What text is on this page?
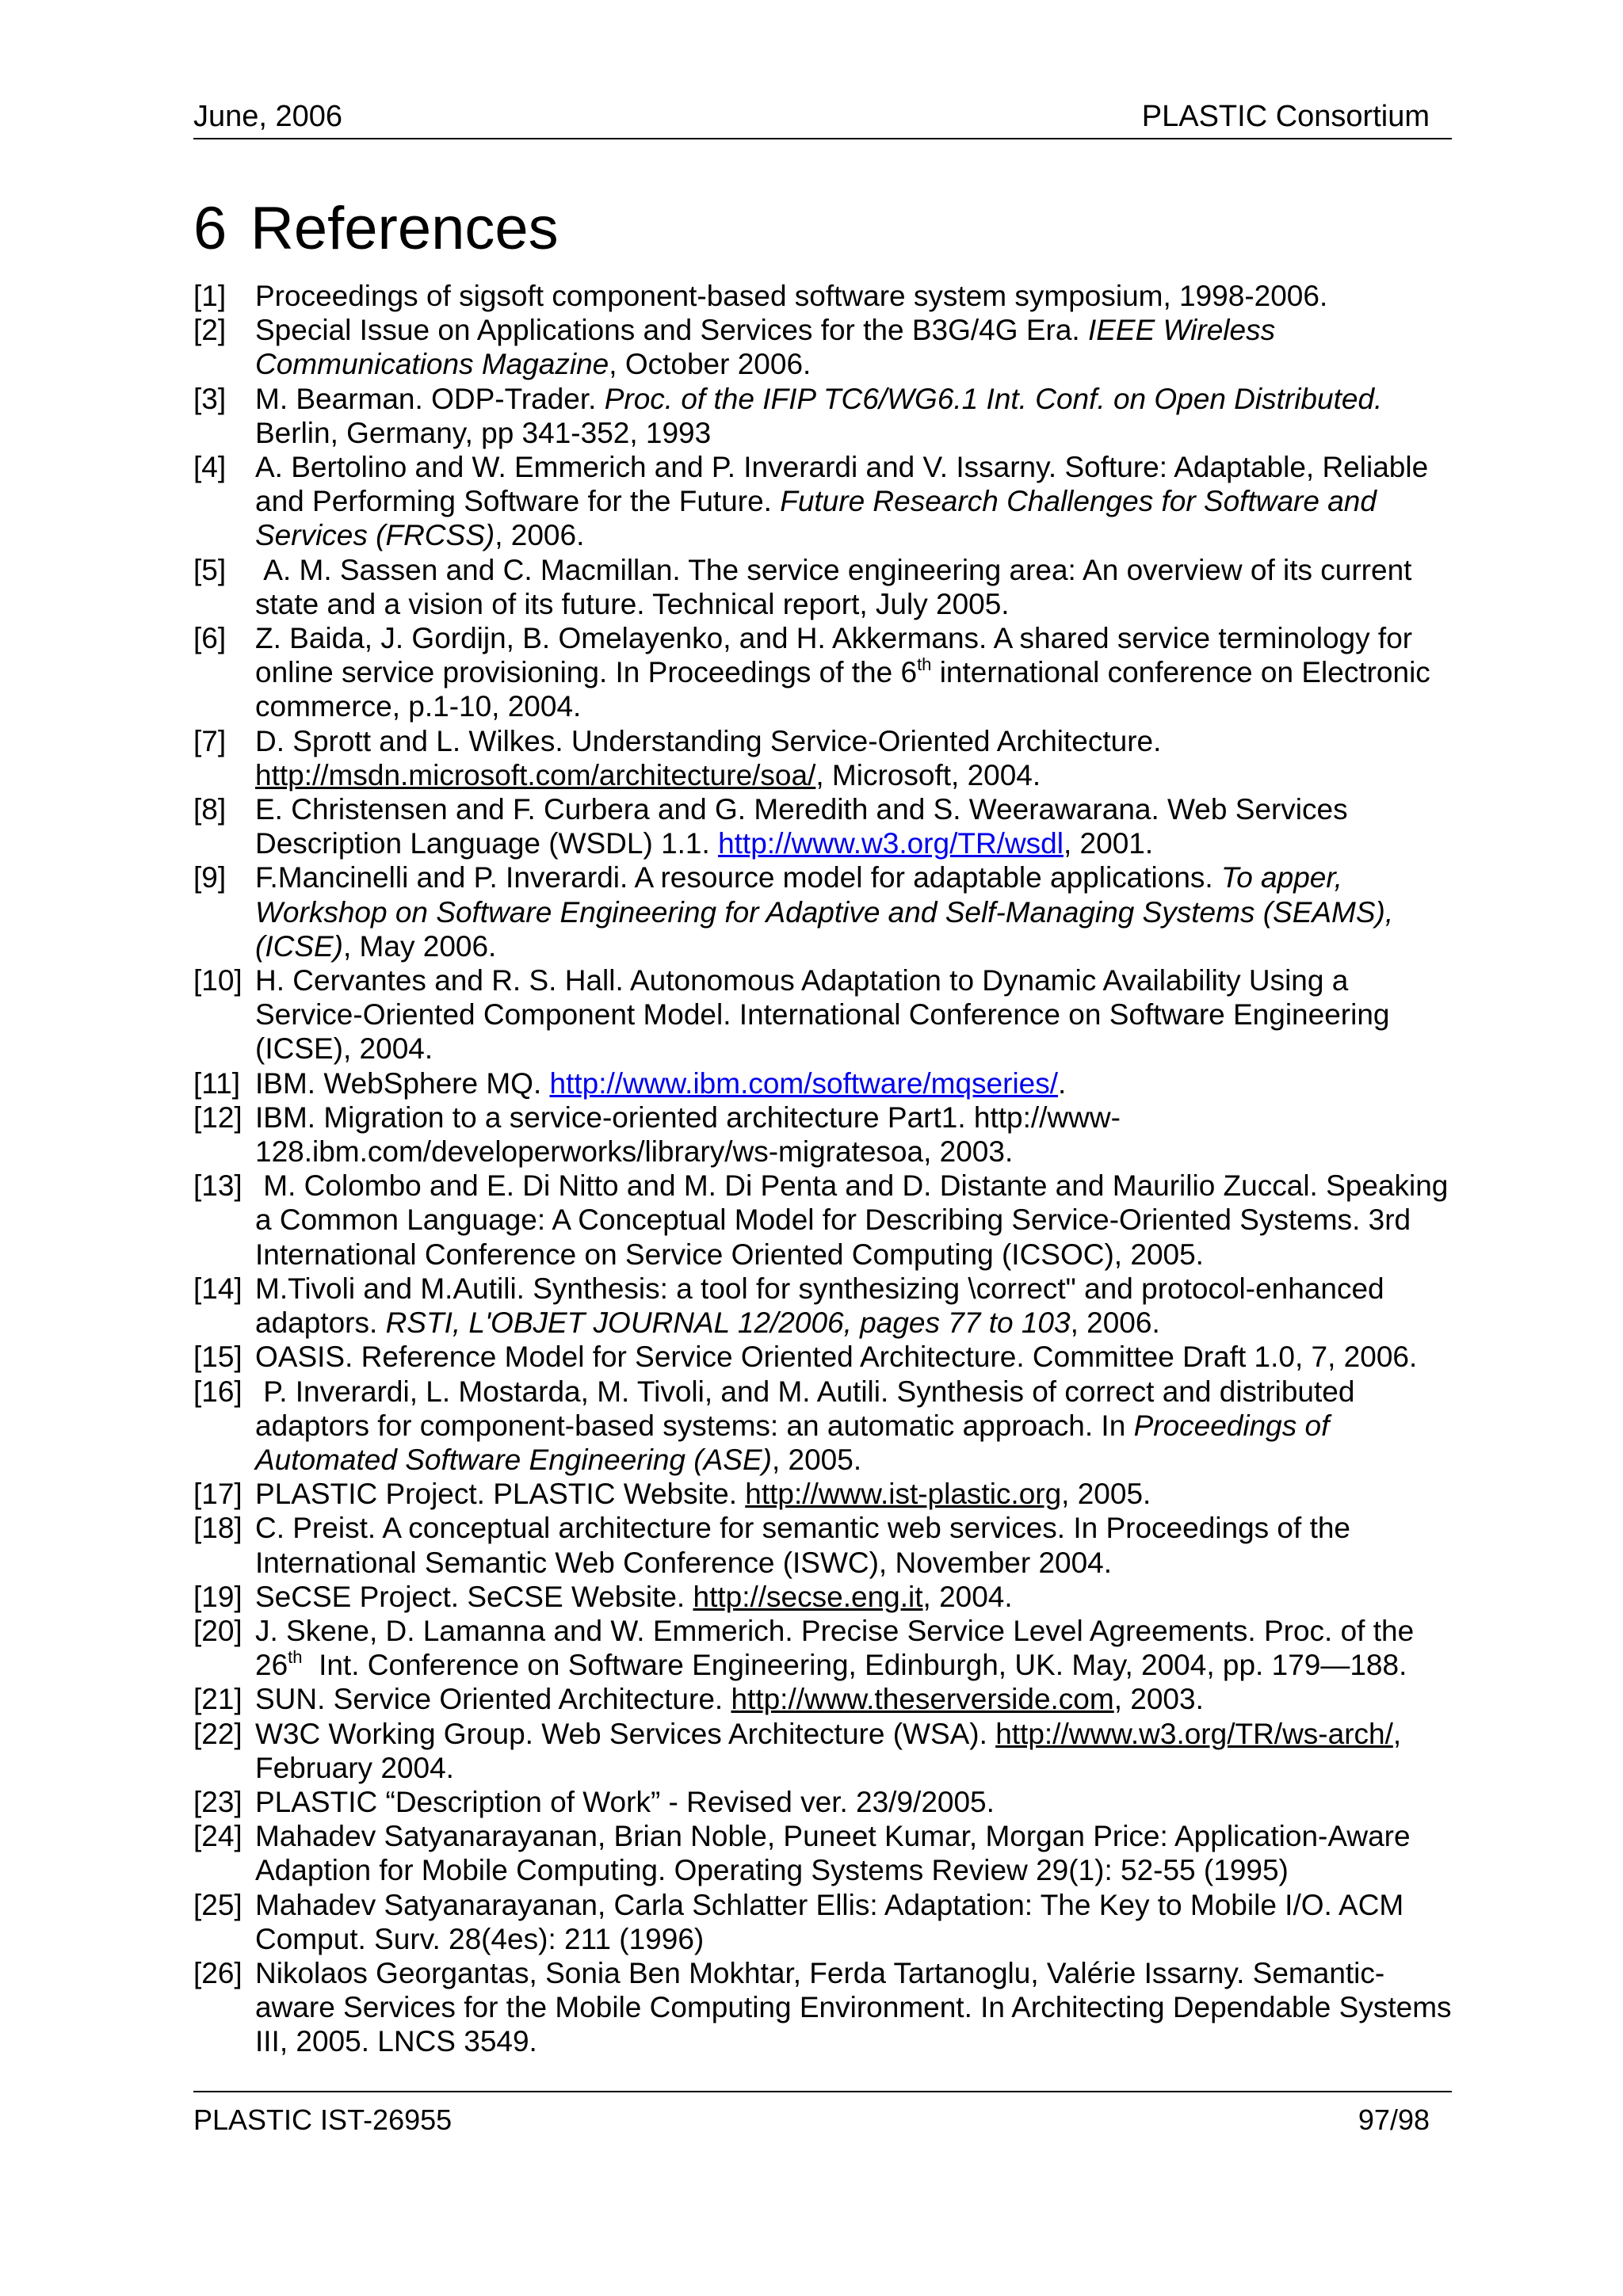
June, 2006	PLASTIC Consortium
6 References
[1] Proceedings of sigsoft component-based software system symposium, 1998-2006.
[2] Special Issue on Applications and Services for the B3G/4G Era. IEEE Wireless Communications Magazine, October 2006.
[3] M. Bearman. ODP-Trader. Proc. of the IFIP TC6/WG6.1 Int. Conf. on Open Distributed. Berlin, Germany, pp 341-352, 1993
[4] A. Bertolino and W. Emmerich and P. Inverardi and V. Issarny. Softure: Adaptable, Reliable and Performing Software for the Future. Future Research Challenges for Software and Services (FRCSS), 2006.
[5] A. M. Sassen and C. Macmillan. The service engineering area: An overview of its current state and a vision of its future. Technical report, July 2005.
[6] Z. Baida, J. Gordijn, B. Omelayenko, and H. Akkermans. A shared service terminology for online service provisioning. In Proceedings of the 6th international conference on Electronic commerce, p.1-10, 2004.
[7] D. Sprott and L. Wilkes. Understanding Service-Oriented Architecture. http://msdn.microsoft.com/architecture/soa/, Microsoft, 2004.
[8] E. Christensen and F. Curbera and G. Meredith and S. Weerawarana. Web Services Description Language (WSDL) 1.1. http://www.w3.org/TR/wsdl, 2001.
[9] F.Mancinelli and P. Inverardi. A resource model for adaptable applications. To apper, Workshop on Software Engineering for Adaptive and Self-Managing Systems (SEAMS), (ICSE), May 2006.
[10] H. Cervantes and R. S. Hall. Autonomous Adaptation to Dynamic Availability Using a Service-Oriented Component Model. International Conference on Software Engineering (ICSE), 2004.
[11] IBM. WebSphere MQ. http://www.ibm.com/software/mqseries/.
[12] IBM. Migration to a service-oriented architecture Part1. http://www-128.ibm.com/developerworks/library/ws-migratesoa, 2003.
[13] M. Colombo and E. Di Nitto and M. Di Penta and D. Distante and Maurilio Zuccal. Speaking a Common Language: A Conceptual Model for Describing Service-Oriented Systems. 3rd International Conference on Service Oriented Computing (ICSOC), 2005.
[14] M.Tivoli and M.Autili. Synthesis: a tool for synthesizing \correct" and protocol-enhanced adaptors. RSTI, L'OBJET JOURNAL 12/2006, pages 77 to 103, 2006.
[15] OASIS. Reference Model for Service Oriented Architecture. Committee Draft 1.0, 7, 2006.
[16] P. Inverardi, L. Mostarda, M. Tivoli, and M. Autili. Synthesis of correct and distributed adaptors for component-based systems: an automatic approach. In Proceedings of Automated Software Engineering (ASE), 2005.
[17] PLASTIC Project. PLASTIC Website. http://www.ist-plastic.org, 2005.
[18] C. Preist. A conceptual architecture for semantic web services. In Proceedings of the International Semantic Web Conference (ISWC), November 2004.
[19] SeCSE Project. SeCSE Website. http://secse.eng.it, 2004.
[20] J. Skene, D. Lamanna and W. Emmerich. Precise Service Level Agreements. Proc. of the 26th  Int. Conference on Software Engineering, Edinburgh, UK. May, 2004, pp. 179—188.
[21] SUN. Service Oriented Architecture. http://www.theserverside.com, 2003.
[22] W3C Working Group. Web Services Architecture (WSA). http://www.w3.org/TR/ws-arch/, February 2004.
[23] PLASTIC “Description of Work” - Revised ver. 23/9/2005.
[24] Mahadev Satyanarayanan, Brian Noble, Puneet Kumar, Morgan Price: Application-Aware Adaption for Mobile Computing. Operating Systems Review 29(1): 52-55 (1995)
[25] Mahadev Satyanarayanan, Carla Schlatter Ellis: Adaptation: The Key to Mobile I/O. ACM Comput. Surv. 28(4es): 211 (1996)
[26] Nikolaos Georgantas, Sonia Ben Mokhtar, Ferda Tartanoglu, Valérie Issarny. Semantic-aware Services for the Mobile Computing Environment. In Architecting Dependable Systems III, 2005. LNCS 3549.
PLASTIC IST-26955	97/98
